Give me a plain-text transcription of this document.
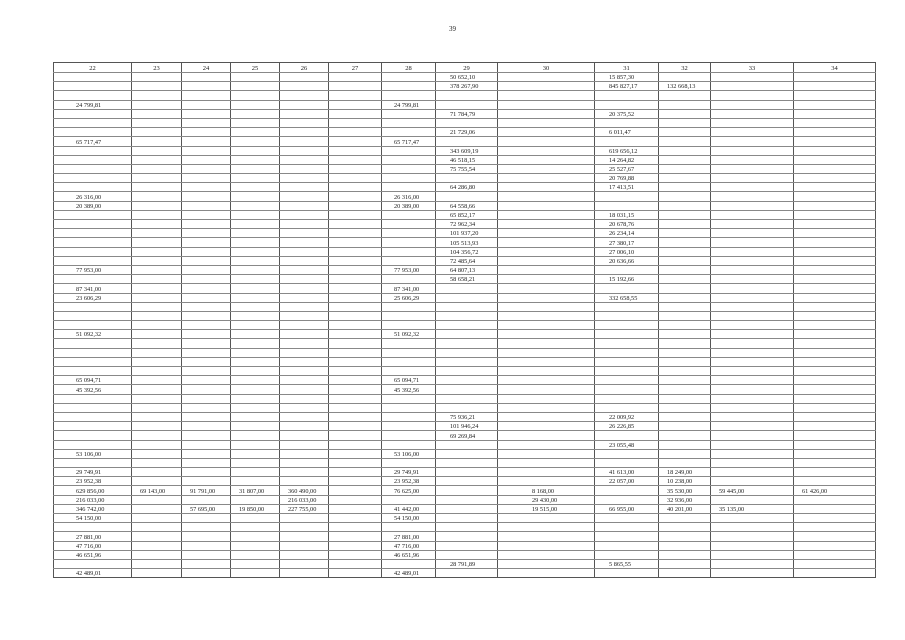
39
22	23	24	25	26	27	28	29	30	31	32	33	34
							50 652,10		15 857,30			
							378 267,90		845 827,17	132 668,13		

24 799,81						24 799,81						
							71 784,79		20 375,52			

							21 729,06		6 011,47			
65 717,47						65 717,47						
							343 609,19		619 656,12			
							46 518,15		14 264,82			
							75 755,54		25 527,67			
									20 769,88			
							64 286,80		17 413,51			
26 316,00						26 316,00						
20 389,00						20 389,00	64 558,66					
							65 852,17		18 031,15			
							72 962,34		20 678,76			
							101 937,20		26 234,14			
							105 513,93		27 380,17			
							104 356,72		27 006,10			
							72 485,64		20 636,66			
77 953,00						77 953,00	64 807,13					
							58 658,21		15 192,66			
87 341,00						87 341,00						
23 606,29						25 606,29			332 658,55			

51 092,32						51 092,32						

65 094,71						65 094,71						
45 392,56						45 392,56						

							75 936,21		22 009,92			
							101 946,24		26 226,85			
							69 269,84					
									23 055,48			
53 106,00						53 106,00						

29 749,91						29 749,91			41 613,00	18 249,00		
23 952,38						23 952,38			22 057,00	10 238,00		
629 856,00	69 143,00	91 791,00	31 807,00	360 490,00		76 625,00		8 168,00		35 530,00	59 445,00	61 426,00
216 033,00				216 033,00				29 430,00		32 936,00		
346 742,00		57 695,00	19 850,00	227 755,00		41 442,00		19 515,00	66 955,00	40 201,00	35 135,00	
54 150,00						54 150,00						

27 881,00						27 881,00						
47 716,00						47 716,00						
46 651,96						46 651,96						
							28 791,89		5 865,55			
42 489,01						42 489,01						
